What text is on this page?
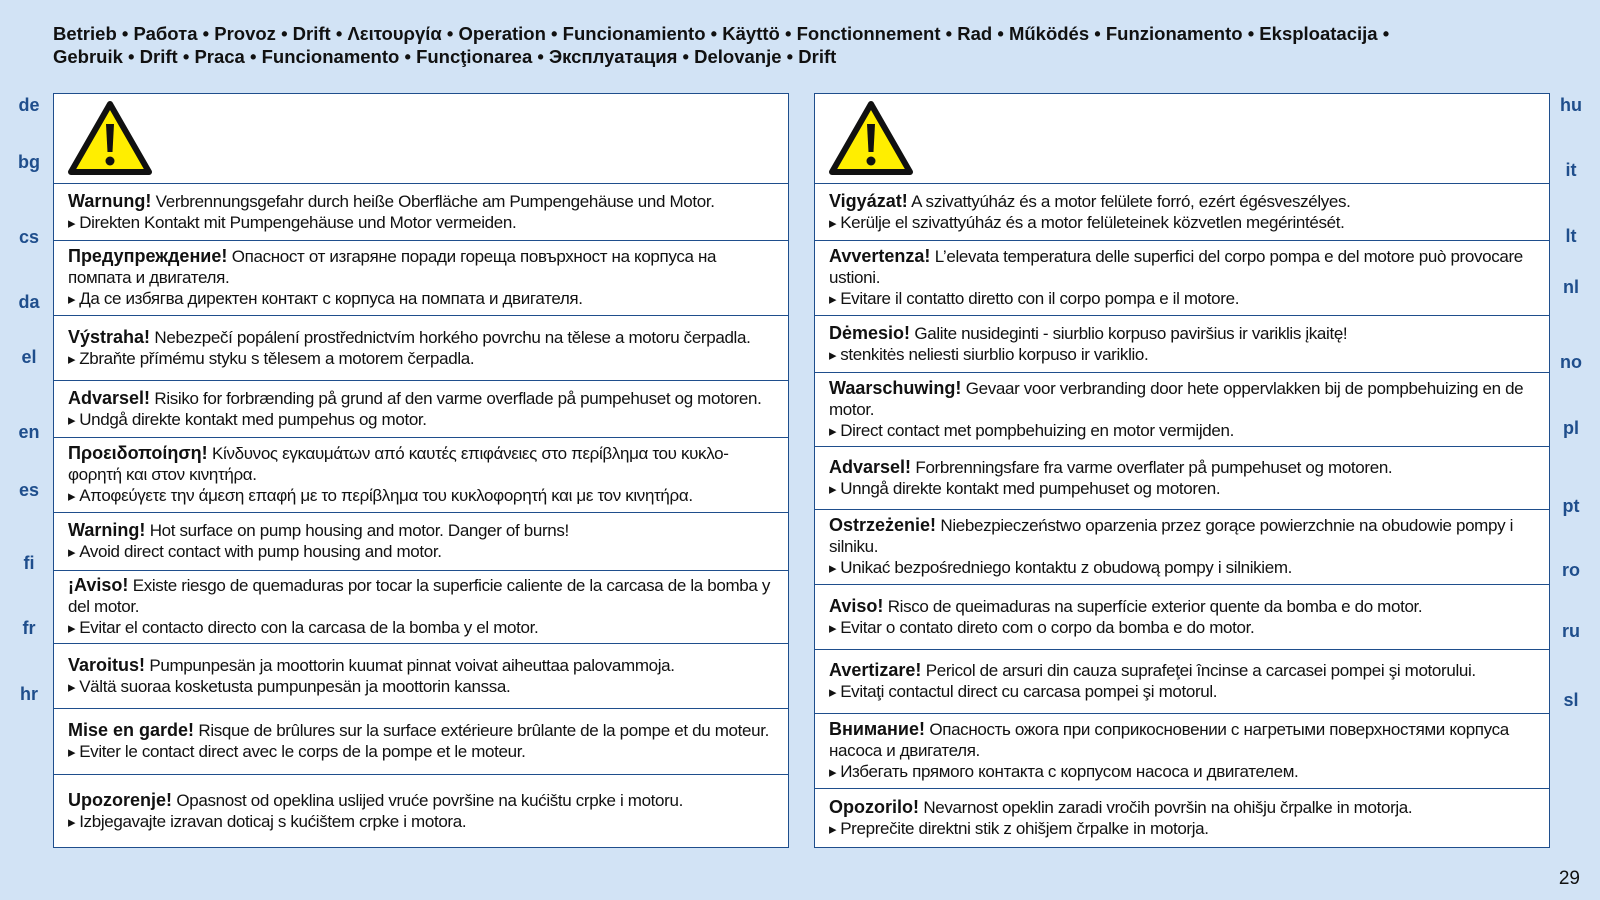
Betrieb • Работа • Provoz • Drift • Λειτουργία • Operation • Funcionamiento • Käyttö • Fonctionnement • Rad • Működés • Funzionamento • Eksploatacija •
Gebruik • Drift • Praca • Funcionamento • Funcţionarea • Эксплуатация • Delovanje • Drift

Warnung! Verbrennungsgefahr durch heiße Oberfläche am Pumpengehäuse und Motor.

▸ Direkten Kontakt mit Pumpengehäuse und Motor vermeiden.

Предупреждение! Опасност от изгаряне поради гореща повърхност на корпуса на помпата и двигателя.

▸ Да се избягва директен контакт с корпуса на помпата и двигателя.

Výstraha! Nebezpečí popálení prostřednictvím horkého povrchu na tělese a motoru čerpadla.

▸ Zbraňte přímému styku s tělesem a motorem čerpadla.

Advarsel! Risiko for forbrænding på grund af den varme overflade på pumpehuset og motoren.

▸ Undgå direkte kontakt med pumpehus og motor.

Προειδοποίηση! Κίνδυνος εγκαυμάτων από καυτές επιφάνειες στο περίβλημα του κυκλο-φορητή και στον κινητήρα.

▸ Αποφεύγετε την άμεση επαφή με το περίβλημα του κυκλοφορητή και με τον κινητήρα.

Warning! Hot surface on pump housing and motor. Danger of burns!

▸ Avoid direct contact with pump housing and motor.

¡Aviso! Existe riesgo de quemaduras por tocar la superficie caliente de la carcasa de la bomba y del motor.

▸ Evitar el contacto directo con la carcasa de la bomba y el motor.

Varoitus! Pumpunpesän ja moottorin kuumat pinnat voivat aiheuttaa palovammoja.

▸ Vältä suoraa kosketusta pumpunpesän ja moottorin kanssa.

Mise en garde! Risque de brûlures sur la surface extérieure brûlante de la pompe et du moteur.

▸ Eviter le contact direct avec le corps de la pompe et le moteur.

Upozorenje! Opasnost od opeklina uslijed vruće površine na kućištu crpke i motoru.

▸ Izbjegavajte izravan doticaj s kućištem crpke i motora.

Vigyázat! A szivattyúház és a motor felülete forró, ezért égésveszélyes.

▸ Kerülje el szivattyúház és a motor felületeinek közvetlen megérintését.

Avvertenza! L’elevata temperatura delle superfici del corpo pompa e del motore può provocare ustioni.

▸ Evitare il contatto diretto con il corpo pompa e il motore.

Dėmesio! Galite nusideginti - siurblio korpuso paviršius ir variklis įkaitę!

▸ stenkitės neliesti siurblio korpuso ir variklio.

Waarschuwing! Gevaar voor verbranding door hete oppervlakken bij de pompbehuizing en de motor.

▸ Direct contact met pompbehuizing en motor vermijden.

Advarsel! Forbrenningsfare fra varme overflater på pumpehuset og motoren.

▸ Unngå direkte kontakt med pumpehuset og motoren.

Ostrzeżenie! Niebezpieczeństwo oparzenia przez gorące powierzchnie na obudowie pompy i silniku.

▸ Unikać bezpośredniego kontaktu z obudową pompy i silnikiem.

Aviso! Risco de queimaduras na superfície exterior quente da bomba e do motor.

▸ Evitar o contato direto com o corpo da bomba e do motor.

Avertizare! Pericol de arsuri din cauza suprafeţei încinse a carcasei pompei şi motorului.

▸ Evitaţi contactul direct cu carcasa pompei şi motorul.

Внимание! Опасность ожога при соприкосновении с нагретыми поверхностями корпуса насоса и двигателя.

▸ Избегать прямого контакта с корпусом насоса и двигателем.

Opozorilo! Nevarnost opeklin zaradi vročih površin na ohišju črpalke in motorja.

▸ Preprečite direktni stik z ohišjem črpalke in motorja.

de
bg
cs
da
el
en
es
fi
fr
hr
hu
it
lt
nl
no
pl
pt
ro
ru
sl
29
